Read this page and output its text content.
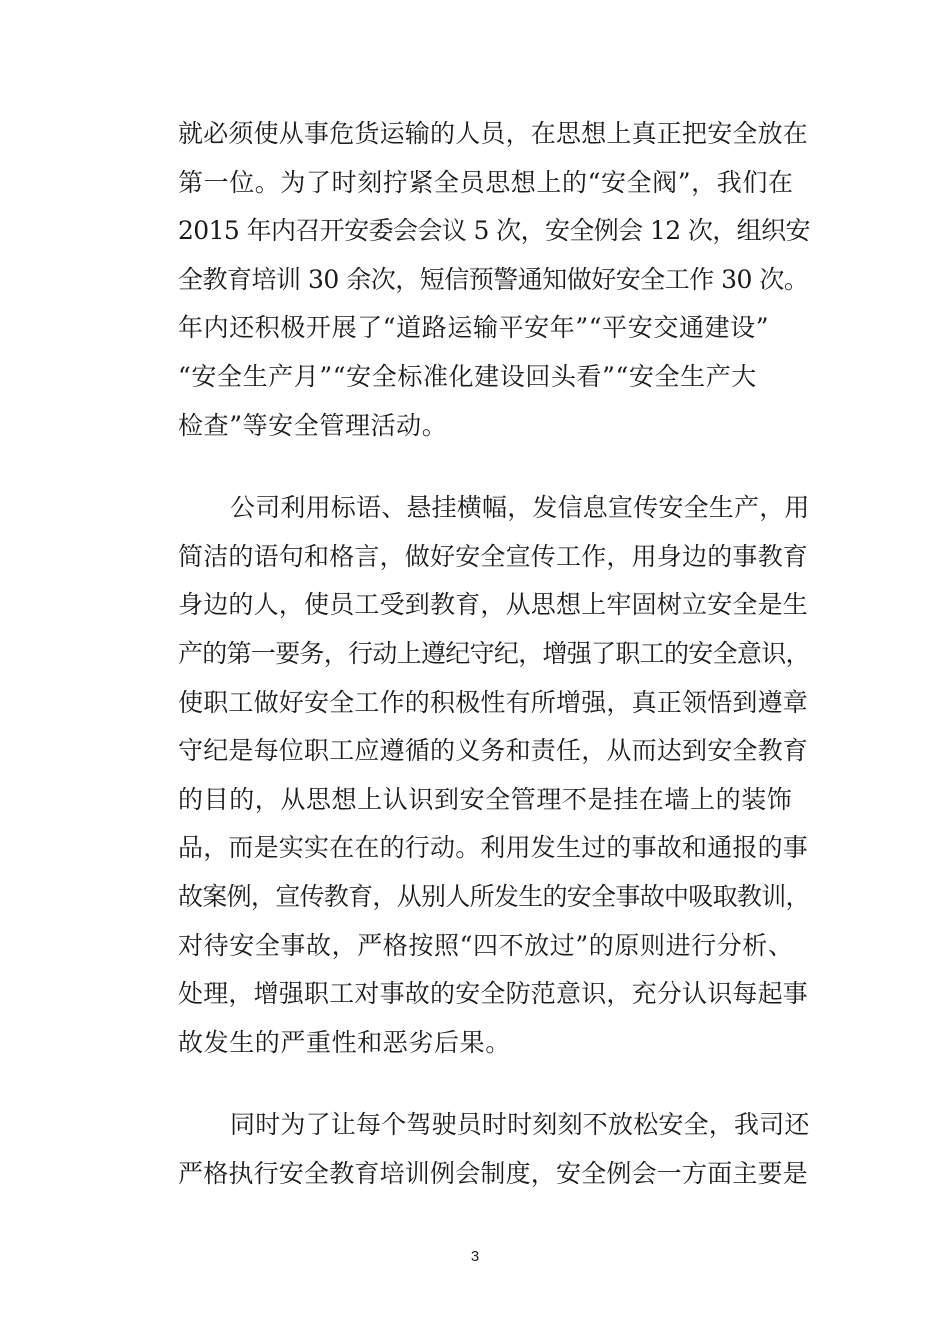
就必须使从事危货运输的人员，在思想上真正把安全放在
第一位。为了时刻拧紧全员思想上的“安全阀”，我们在
2015 年内召开安委会会议 5 次，安全例会 12 次，组织安
全教育培训 30 余次，短信预警通知做好安全工作 30 次。
年内还积极开展了“道路运输平安年”“平安交通建设”
“安全生产月”“安全标准化建设回头看”“安全生产大
检查”等安全管理活动。
公司利用标语、悬挂横幅，发信息宣传安全生产，用
简洁的语句和格言，做好安全宣传工作，用身边的事教育
身边的人，使员工受到教育，从思想上牢固树立安全是生
产的第一要务，行动上遵纪守纪，增强了职工的安全意识，
使职工做好安全工作的积极性有所增强，真正领悟到遵章
守纪是每位职工应遵循的义务和责任，从而达到安全教育
的目的，从思想上认识到安全管理不是挂在墙上的装饰
品，而是实实在在的行动。利用发生过的事故和通报的事
故案例，宣传教育，从别人所发生的安全事故中吸取教训，
对待安全事故，严格按照“四不放过”的原则进行分析、
处理，增强职工对事故的安全防范意识，充分认识每起事
故发生的严重性和恶劣后果。
同时为了让每个驾驶员时时刻刻不放松安全，我司还
严格执行安全教育培训例会制度，安全例会一方面主要是
3
